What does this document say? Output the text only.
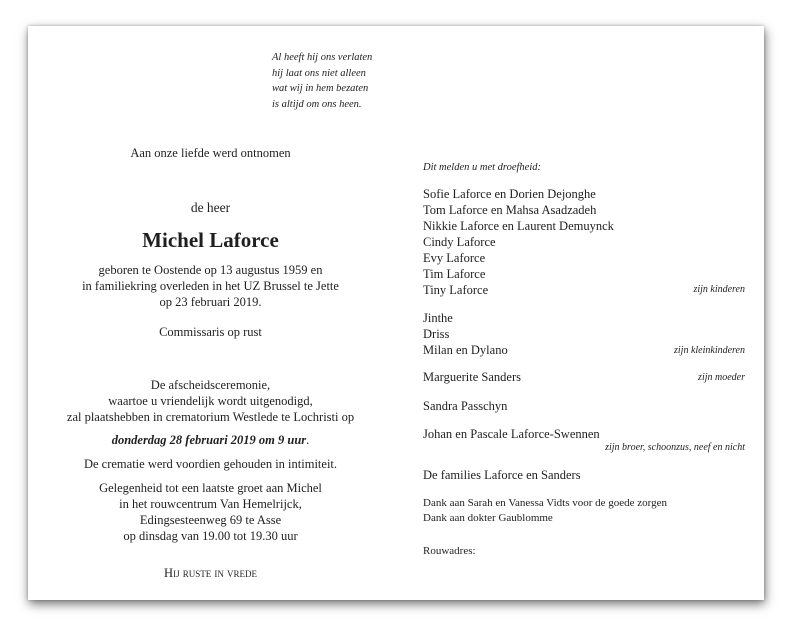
Al heeft hij ons verlaten
hij laat ons niet alleen
wat wij in hem bezaten
is altijd om ons heen.
Aan onze liefde werd ontnomen
de heer
Michel Laforce
geboren te Oostende op 13 augustus 1959 en
in familiekring overleden in het UZ Brussel te Jette
op 23 februari 2019.
Commissaris op rust
De afscheidsceremonie,
waartoe u vriendelijk wordt uitgenodigd,
zal plaatshebben in crematorium Westlede te Lochristi op
donderdag 28 februari 2019 om 9 uur.
De crematie werd voordien gehouden in intimiteit.
Gelegenheid tot een laatste groet aan Michel
in het rouwcentrum Van Hemelrijck,
Edingsesteenweg 69 te Asse
op dinsdag van 19.00 tot 19.30 uur
Hij ruste in vrede
Dit melden u met droefheid:
Sofie Laforce en Dorien Dejonghe
Tom Laforce en Mahsa Asadzadeh
Nikkie Laforce en Laurent Demuynck
Cindy Laforce
Evy Laforce
Tim Laforce
Tiny Laforce	zijn kinderen
Jinthe
Driss
Milan en Dylano	zijn kleinkinderen
Marguerite Sanders	zijn moeder
Sandra Passchyn
Johan en Pascale Laforce-Swennen
zijn broer, schoonzus, neef en nicht
De families Laforce en Sanders
Dank aan Sarah en Vanessa Vidts voor de goede zorgen
Dank aan dokter Gaublomme
Rouwadres:
